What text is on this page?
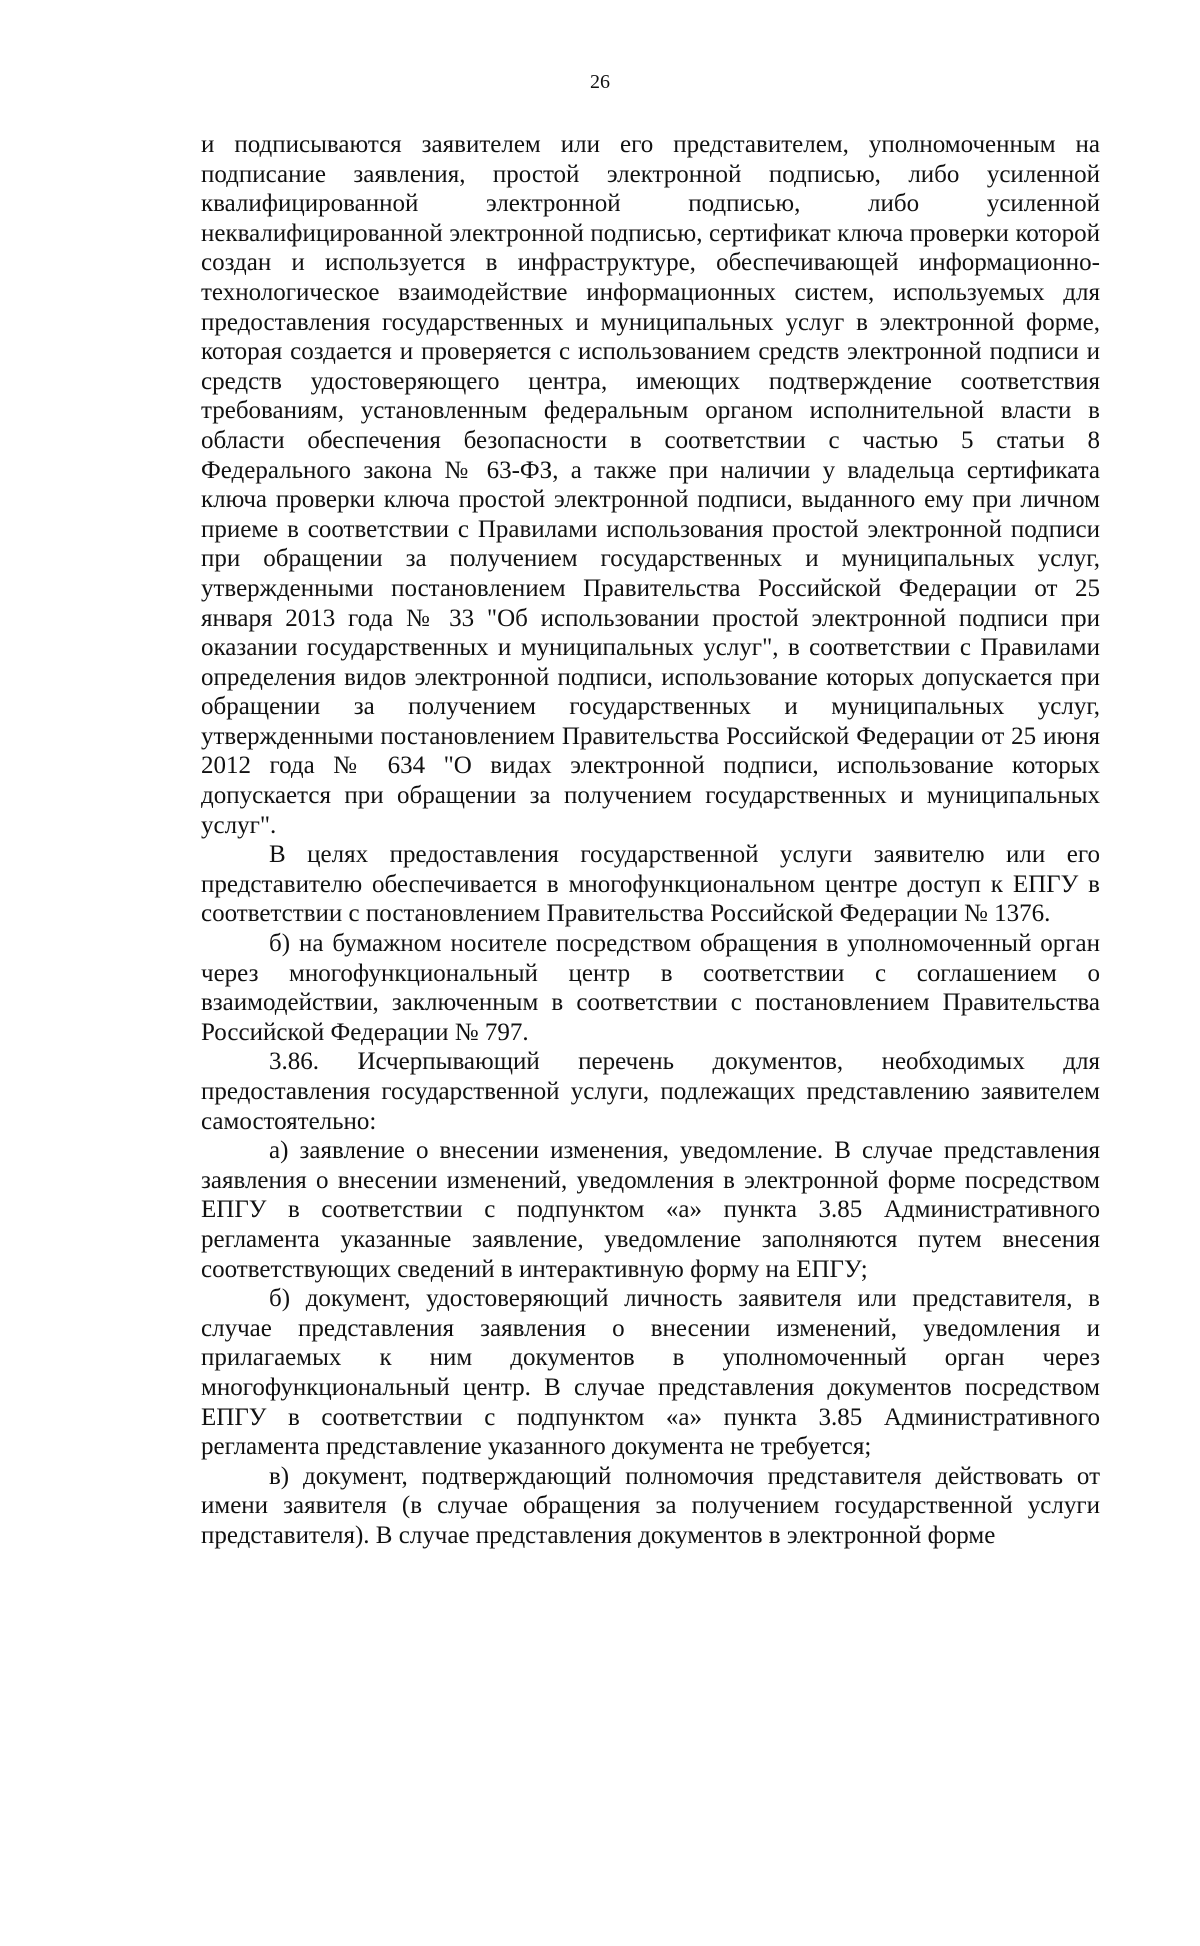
26

и подписываются заявителем или его представителем, уполномоченным на подписание заявления, простой электронной подписью, либо усиленной квалифицированной электронной подписью, либо усиленной неквалифицированной электронной подписью, сертификат ключа проверки которой создан и используется в инфраструктуре, обеспечивающей информационно-технологическое взаимодействие информационных систем, используемых для предоставления государственных и муниципальных услуг в электронной форме, которая создается и проверяется с использованием средств электронной подписи и средств удостоверяющего центра, имеющих подтверждение соответствия требованиям, установленным федеральным органом исполнительной власти в области обеспечения безопасности в соответствии с частью 5 статьи 8 Федерального закона № 63-ФЗ, а также при наличии у владельца сертификата ключа проверки ключа простой электронной подписи, выданного ему при личном приеме в соответствии с Правилами использования простой электронной подписи при обращении за получением государственных и муниципальных услуг, утвержденными постановлением Правительства Российской Федерации от 25 января 2013 года № 33 "Об использовании простой электронной подписи при оказании государственных и муниципальных услуг", в соответствии с Правилами определения видов электронной подписи, использование которых допускается при обращении за получением государственных и муниципальных услуг, утвержденными постановлением Правительства Российской Федерации от 25 июня 2012 года № 634 "О видах электронной подписи, использование которых допускается при обращении за получением государственных и муниципальных услуг".

В целях предоставления государственной услуги заявителю или его представителю обеспечивается в многофункциональном центре доступ к ЕПГУ в соответствии с постановлением Правительства Российской Федерации № 1376.

б) на бумажном носителе посредством обращения в уполномоченный орган через многофункциональный центр в соответствии с соглашением о взаимодействии, заключенным в соответствии с постановлением Правительства Российской Федерации № 797.

3.86. Исчерпывающий перечень документов, необходимых для предоставления государственной услуги, подлежащих представлению заявителем самостоятельно:

а) заявление о внесении изменения, уведомление. В случае представления заявления о внесении изменений, уведомления в электронной форме посредством ЕПГУ в соответствии с подпунктом «а» пункта 3.85 Административного регламента указанные заявление, уведомление заполняются путем внесения соответствующих сведений в интерактивную форму на ЕПГУ;

б) документ, удостоверяющий личность заявителя или представителя, в случае представления заявления о внесении изменений, уведомления и прилагаемых к ним документов в уполномоченный орган через многофункциональный центр. В случае представления документов посредством ЕПГУ в соответствии с подпунктом «а» пункта 3.85 Административного регламента представление указанного документа не требуется;

в) документ, подтверждающий полномочия представителя действовать от имени заявителя (в случае обращения за получением государственной услуги представителя). В случае представления документов в электронной форме
